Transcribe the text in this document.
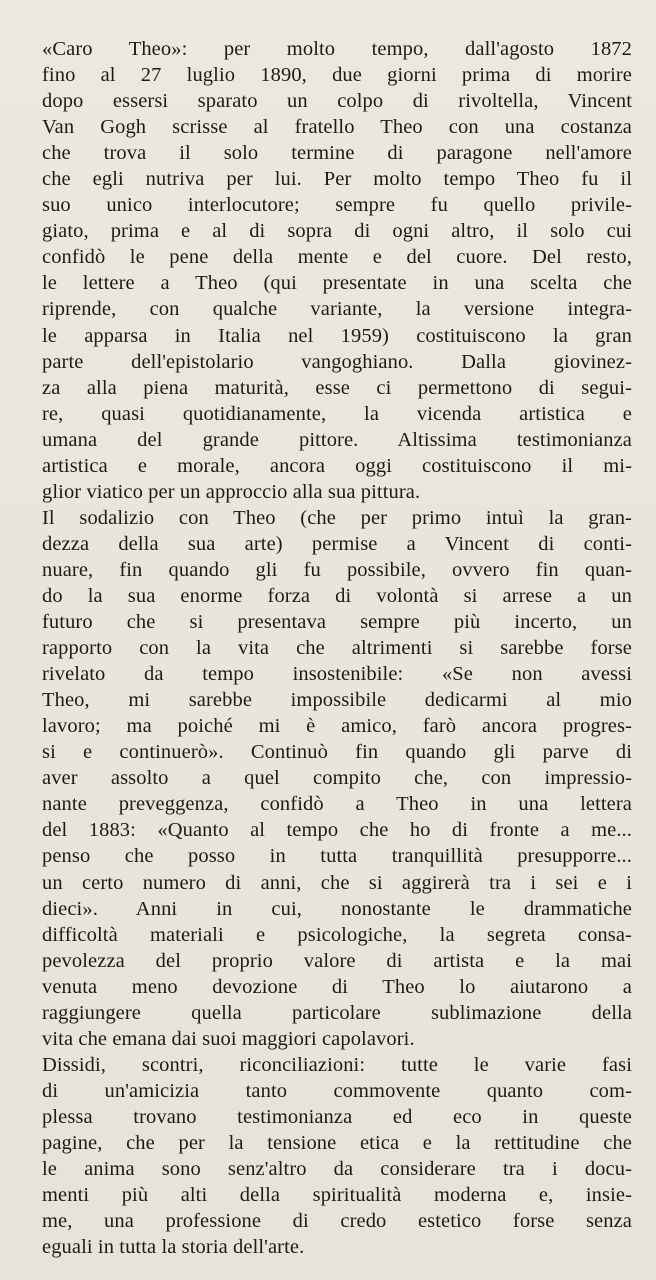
«Caro Theo»: per molto tempo, dall'agosto 1872
fino al 27 luglio 1890, due giorni prima di morire
dopo essersi sparato un colpo di rivoltella, Vincent
Van Gogh scrisse al fratello Theo con una costanza
che trova il solo termine di paragone nell'amore
che egli nutriva per lui. Per molto tempo Theo fu il
suo unico interlocutore; sempre fu quello privile-
giato, prima e al di sopra di ogni altro, il solo cui
confidò le pene della mente e del cuore. Del resto,
le lettere a Theo (qui presentate in una scelta che
riprende, con qualche variante, la versione integra-
le apparsa in Italia nel 1959) costituiscono la gran
parte dell'epistolario vangoghiano. Dalla giovinez-
za alla piena maturità, esse ci permettono di segui-
re, quasi quotidianamente, la vicenda artistica e
umana del grande pittore. Altissima testimonianza
artistica e morale, ancora oggi costituiscono il mi-
glior viatico per un approccio alla sua pittura.
Il sodalizio con Theo (che per primo intuì la gran-
dezza della sua arte) permise a Vincent di conti-
nuare, fin quando gli fu possibile, ovvero fin quan-
do la sua enorme forza di volontà si arrese a un
futuro che si presentava sempre più incerto, un
rapporto con la vita che altrimenti si sarebbe forse
rivelato da tempo insostenibile: «Se non avessi
Theo, mi sarebbe impossibile dedicarmi al mio
lavoro; ma poiché mi è amico, farò ancora progres-
si e continuerò». Continuò fin quando gli parve di
aver assolto a quel compito che, con impressio-
nante preveggenza, confidò a Theo in una lettera
del 1883: «Quanto al tempo che ho di fronte a me...
penso che posso in tutta tranquillità presupporre...
un certo numero di anni, che si aggirerà tra i sei e i
dieci». Anni in cui, nonostante le drammatiche
difficoltà materiali e psicologiche, la segreta consa-
pevolezza del proprio valore di artista e la mai
venuta meno devozione di Theo lo aiutarono a
raggiungere quella particolare sublimazione della
vita che emana dai suoi maggiori capolavori.
Dissidi, scontri, riconciliazioni: tutte le varie fasi
di un'amicizia tanto commovente quanto com-
plessa trovano testimonianza ed eco in queste
pagine, che per la tensione etica e la rettitudine che
le anima sono senz'altro da considerare tra i docu-
menti più alti della spiritualità moderna e, insie-
me, una professione di credo estetico forse senza
eguali in tutta la storia dell'arte.
